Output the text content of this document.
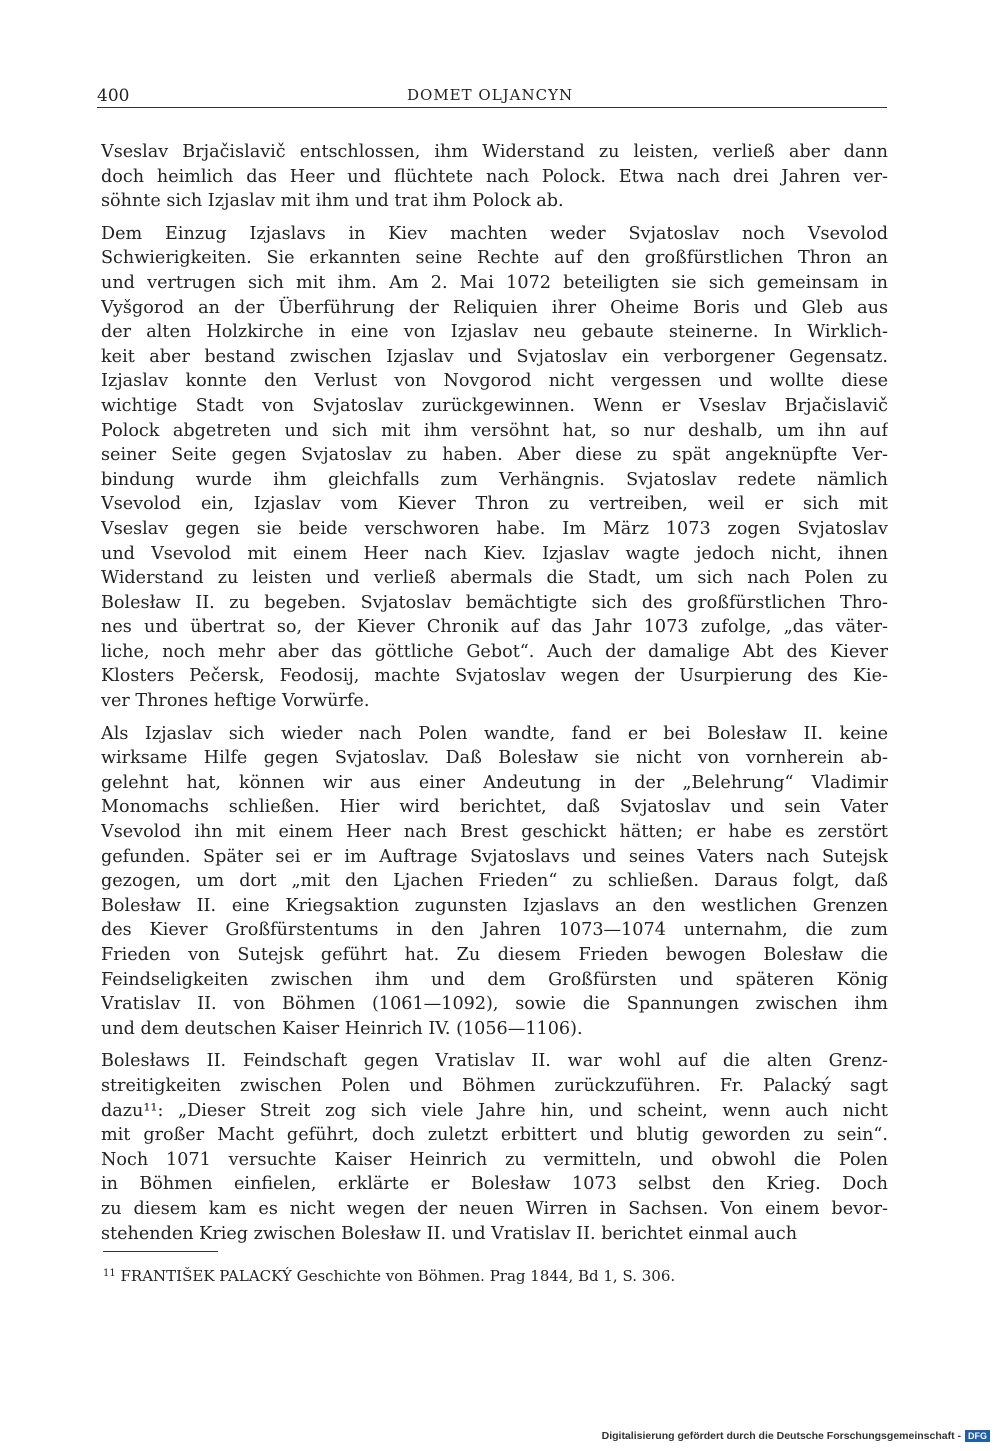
400	DOMET OLJANCYN
Vseslav Brjačislavič entschlossen, ihm Widerstand zu leisten, verließ aber dann
doch heimlich das Heer und flüchtete nach Polock. Etwa nach drei Jahren ver-
söhnte sich Izjaslav mit ihm und trat ihm Polock ab.
Dem Einzug Izjaslavs in Kiev machten weder Svjatoslav noch Vsevolod
Schwierigkeiten. Sie erkannten seine Rechte auf den großfürstlichen Thron an
und vertrugen sich mit ihm. Am 2. Mai 1072 beteiligten sie sich gemeinsam in
Vyšgorod an der Überführung der Reliquien ihrer Oheime Boris und Gleb aus
der alten Holzkirche in eine von Izjaslav neu gebaute steinerne. In Wirklich-
keit aber bestand zwischen Izjaslav und Svjatoslav ein verborgener Gegensatz.
Izjaslav konnte den Verlust von Novgorod nicht vergessen und wollte diese
wichtige Stadt von Svjatoslav zurückgewinnen. Wenn er Vseslav Brjačislavič
Polock abgetreten und sich mit ihm versöhnt hat, so nur deshalb, um ihn auf
seiner Seite gegen Svjatoslav zu haben. Aber diese zu spät angeknüpfte Ver-
bindung wurde ihm gleichfalls zum Verhängnis. Svjatoslav redete nämlich
Vsevolod ein, Izjaslav vom Kiever Thron zu vertreiben, weil er sich mit
Vseslav gegen sie beide verschworen habe. Im März 1073 zogen Svjatoslav
und Vsevolod mit einem Heer nach Kiev. Izjaslav wagte jedoch nicht, ihnen
Widerstand zu leisten und verließ abermals die Stadt, um sich nach Polen zu
Bolesław II. zu begeben. Svjatoslav bemächtigte sich des großfürstlichen Thro-
nes und übertrat so, der Kiever Chronik auf das Jahr 1073 zufolge, „das väter-
liche, noch mehr aber das göttliche Gebot“. Auch der damalige Abt des Kiever
Klosters Pečersk, Feodosij, machte Svjatoslav wegen der Usurpierung des Kie-
ver Thrones heftige Vorwürfe.
Als Izjaslav sich wieder nach Polen wandte, fand er bei Bolesław II. keine
wirksame Hilfe gegen Svjatoslav. Daß Bolesław sie nicht von vornherein ab-
gelehnt hat, können wir aus einer Andeutung in der „Belehrung“ Vladimir
Monomachs schließen. Hier wird berichtet, daß Svjatoslav und sein Vater
Vsevolod ihn mit einem Heer nach Brest geschickt hätten; er habe es zerstört
gefunden. Später sei er im Auftrage Svjatoslavs und seines Vaters nach Sutejsk
gezogen, um dort „mit den Ljachen Frieden“ zu schließen. Daraus folgt, daß
Bolesław II. eine Kriegsaktion zugunsten Izjaslavs an den westlichen Grenzen
des Kiever Großfürstentums in den Jahren 1073—1074 unternahm, die zum
Frieden von Sutejsk geführt hat. Zu diesem Frieden bewogen Bolesław die
Feindseligkeiten zwischen ihm und dem Großfürsten und späteren König
Vratislav II. von Böhmen (1061—1092), sowie die Spannungen zwischen ihm
und dem deutschen Kaiser Heinrich IV. (1056—1106).
Bolesławs II. Feindschaft gegen Vratislav II. war wohl auf die alten Grenz-
streitigkeiten zwischen Polen und Böhmen zurückzuführen. Fr. Palacký sagt
dazu¹¹: „Dieser Streit zog sich viele Jahre hin, und scheint, wenn auch nicht
mit großer Macht geführt, doch zuletzt erbittert und blutig geworden zu sein“.
Noch 1071 versuchte Kaiser Heinrich zu vermitteln, und obwohl die Polen
in Böhmen einfielen, erklärte er Bolesław 1073 selbst den Krieg. Doch
zu diesem kam es nicht wegen der neuen Wirren in Sachsen. Von einem bevor-
stehenden Krieg zwischen Bolesław II. und Vratislav II. berichtet einmal auch
$^{11}$ FRANTIŠEK PALACKÝ Geschichte von Böhmen. Prag 1844, Bd 1, S. 306.
Digitalisierung gefördert durch die Deutsche Forschungsgemeinschaft - DFG
